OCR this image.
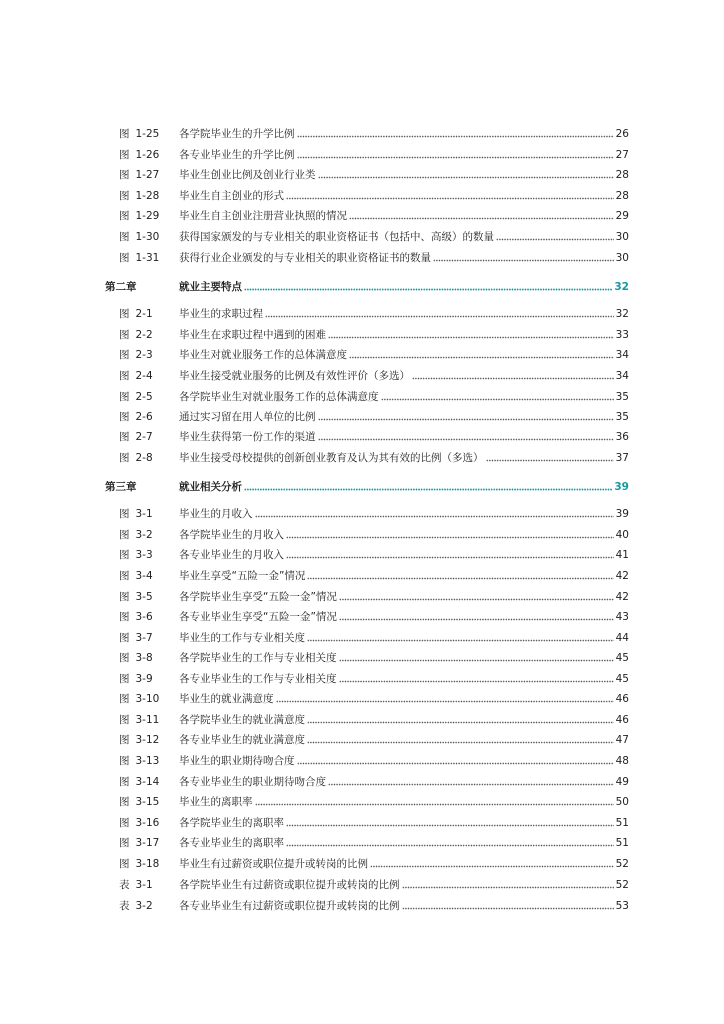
图 1-25 各学院毕业生的升学比例	26
图 1-26 各专业毕业生的升学比例	27
图 1-27 毕业生创业比例及创业行业类	28
图 1-28 毕业生自主创业的形式	28
图 1-29 毕业生自主创业注册营业执照的情况	29
图 1-30 获得国家颁发的与专业相关的职业资格证书（包括中、高级）的数量	30
图 1-31 获得行业企业颁发的与专业相关的职业资格证书的数量	30
第二章	就业主要特点	32
图 2-1	毕业生的求职过程	32
图 2-2	毕业生在求职过程中遇到的困难	33
图 2-3	毕业生对就业服务工作的总体满意度	34
图 2-4	毕业生接受就业服务的比例及有效性评价（多选）	34
图 2-5	各学院毕业生对就业服务工作的总体满意度	35
图 2-6	通过实习留在用人单位的比例	35
图 2-7	毕业生获得第一份工作的渠道	36
图 2-8	毕业生接受母校提供的创新创业教育及认为其有效的比例（多选）	37
第三章	就业相关分析	39
图 3-1	毕业生的月收入	39
图 3-2	各学院毕业生的月收入	40
图 3-3	各专业毕业生的月收入	41
图 3-4	毕业生享受“五险一金”情况	42
图 3-5	各学院毕业生享受“五险一金”情况	42
图 3-6	各专业毕业生享受“五险一金”情况	43
图 3-7	毕业生的工作与专业相关度	44
图 3-8	各学院毕业生的工作与专业相关度	45
图 3-9	各专业毕业生的工作与专业相关度	45
图 3-10 毕业生的就业满意度	46
图 3-11 各学院毕业生的就业满意度	46
图 3-12 各专业毕业生的就业满意度	47
图 3-13 毕业生的职业期待吻合度	48
图 3-14 各专业毕业生的职业期待吻合度	49
图 3-15 毕业生的离职率	50
图 3-16 各学院毕业生的离职率	51
图 3-17 各专业毕业生的离职率	51
图 3-18 毕业生有过薪资或职位提升或转岗的比例	52
表 3-1	各学院毕业生有过薪资或职位提升或转岗的比例	52
表 3-2	各专业毕业生有过薪资或职位提升或转岗的比例	53
